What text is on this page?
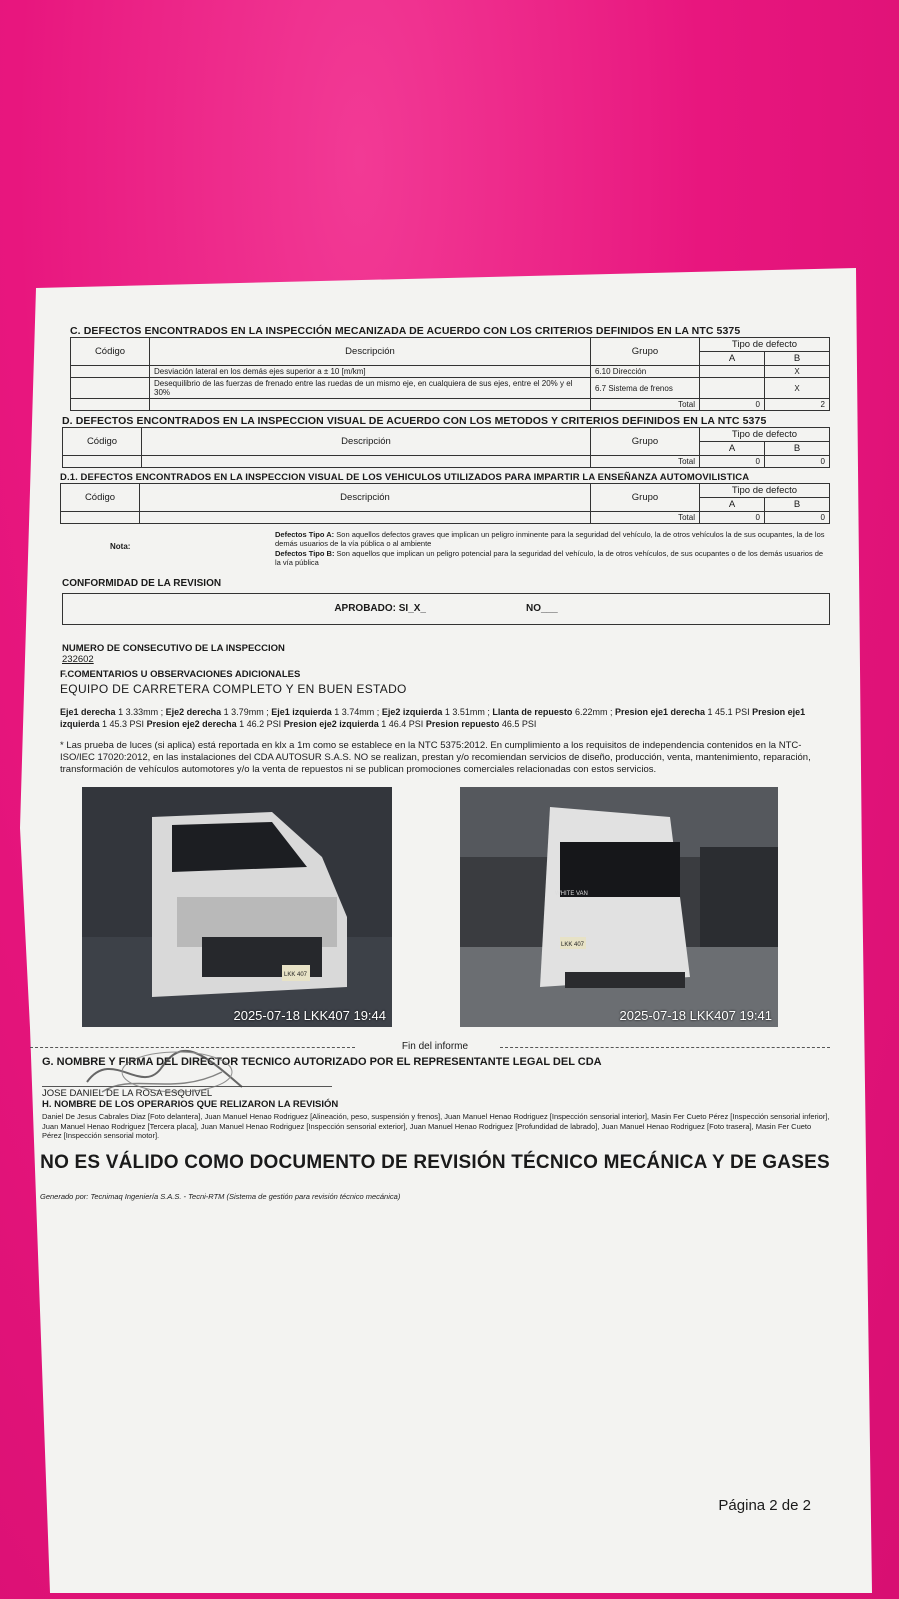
C. DEFECTOS ENCONTRADOS EN LA INSPECCIÓN MECANIZADA DE ACUERDO CON LOS CRITERIOS DEFINIDOS EN LA NTC 5375

Código	Descripción	Grupo	Tipo de defecto	
			A	B
	Desviación lateral en los demás ejes superior a ± 10 [m/km]	6.10 Dirección		X
	Desequilibrio de las fuerzas de frenado entre las ruedas de un mismo eje, en cualquiera de sus ejes, entre el 20% y el 30%	6.7 Sistema de frenos		X
		Total	0	2

D. DEFECTOS ENCONTRADOS EN LA INSPECCION VISUAL DE ACUERDO CON LOS METODOS Y CRITERIOS DEFINIDOS EN LA NTC 5375

Código	Descripción	Grupo	Tipo de defecto	
			A	B
		Total	0	0

D.1. DEFECTOS ENCONTRADOS EN LA INSPECCION VISUAL DE LOS VEHICULOS UTILIZADOS PARA IMPARTIR LA ENSEÑANZA AUTOMOVILISTICA

Código	Descripción	Grupo	Tipo de defecto	
			A	B
		Total	0	0
Nota:
Defectos Tipo A: Son aquellos defectos graves que implican un peligro inminente para la seguridad del vehículo, la de otros vehículos la de sus ocupantes, la de los demás usuarios de la vía pública o al ambiente
Defectos Tipo B: Son aquellos que implican un peligro potencial para la seguridad del vehículo, la de otros vehículos, de sus ocupantes o de los demás usuarios de la vía pública
CONFORMIDAD DE LA REVISION
APROBADO: SI_X_	NO___

NUMERO DE CONSECUTIVO DE LA INSPECCION

232602

F.COMENTARIOS U OBSERVACIONES ADICIONALES

EQUIPO DE CARRETERA COMPLETO Y EN BUEN ESTADO

Eje1 derecha 1 3.33mm ; Eje2 derecha 1 3.79mm ; Eje1 izquierda 1 3.74mm ; Eje2 izquierda 1 3.51mm ; Llanta de repuesto 6.22mm ; Presion eje1 derecha 1 45.1 PSI Presion eje1 izquierda 1 45.3 PSI Presion eje2 derecha 1 46.2 PSI Presion eje2 izquierda 1 46.4 PSI Presion repuesto 46.5 PSI

* Las prueba de luces (si aplica) está reportada en klx a 1m como se establece en la NTC 5375:2012. En cumplimiento a los requisitos de independencia contenidos en la NTC-ISO/IEC 17020:2012, en las instalaciones del CDA AUTOSUR S.A.S. NO se realizan, prestan y/o recomiendan servicios de diseño, producción, venta, mantenimiento, reparación, transformación de vehículos automotores y/o la venta de repuestos ni se publican promociones comerciales relacionadas con estos servicios.

LKK 407
2025-07-18 LKK407 19:44
LKK 407
WHITE VAN
2025-07-18 LKK407 19:41
Fin del informe

G. NOMBRE Y FIRMA DEL DIRECTOR TECNICO AUTORIZADO POR EL REPRESENTANTE LEGAL DEL CDA

JOSE DANIEL DE LA ROSA ESQUIVEL

H. NOMBRE DE LOS OPERARIOS QUE RELIZARON LA REVISIÓN

Daniel De Jesus Cabrales Diaz [Foto delantera], Juan Manuel Henao Rodriguez [Alineación, peso, suspensión y frenos], Juan Manuel Henao Rodriguez [Inspección sensorial interior], Masin Fer Cueto Pérez [Inspección sensorial inferior], Juan Manuel Henao Rodriguez [Tercera placa], Juan Manuel Henao Rodriguez [Inspección sensorial exterior], Juan Manuel Henao Rodriguez [Profundidad de labrado], Juan Manuel Henao Rodriguez [Foto trasera], Masin Fer Cueto Pérez [Inspección sensorial motor].

NO ES VÁLIDO COMO DOCUMENTO DE REVISIÓN TÉCNICO MECÁNICA Y DE GASES
Generado por: Tecnimaq Ingeniería S.A.S. - Tecni-RTM (Sistema de gestión para revisión técnico mecánica)
Página 2 de 2
